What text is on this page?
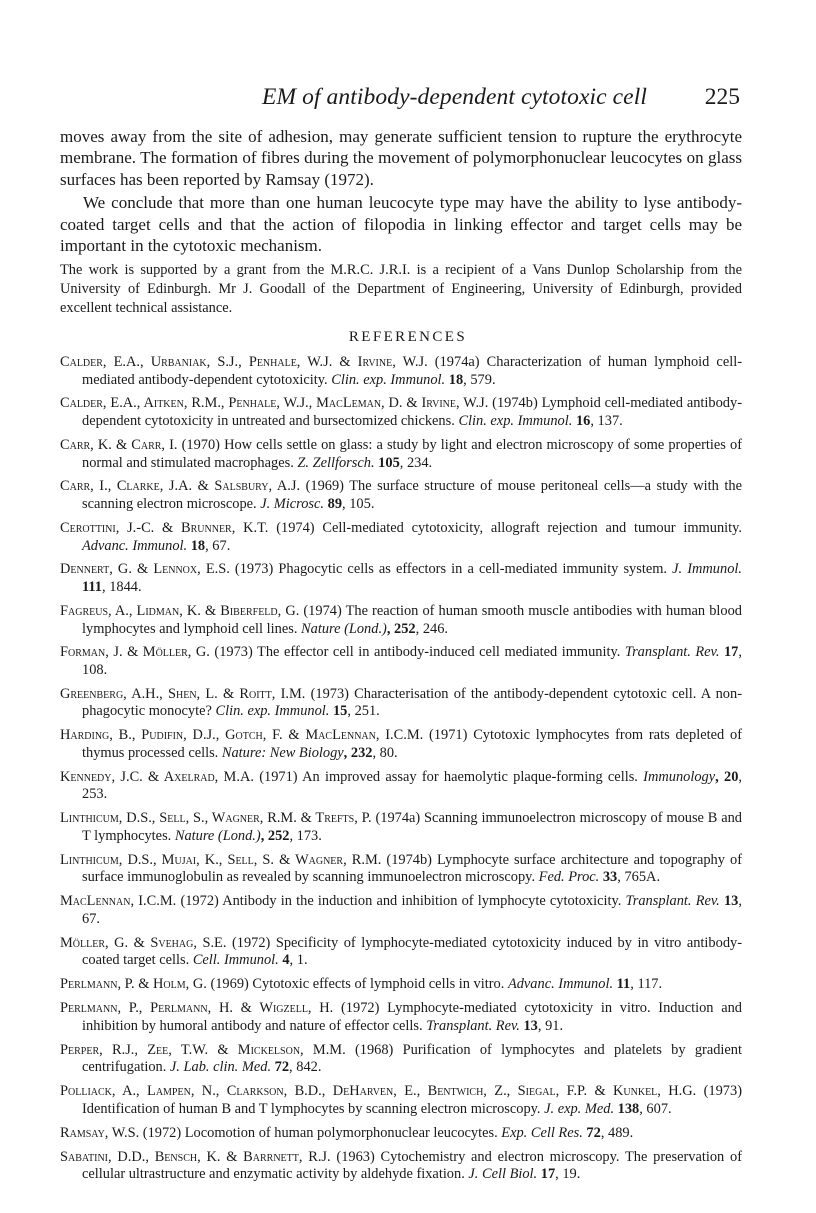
EM of antibody-dependent cytotoxic cell 225

moves away from the site of adhesion, may generate sufficient tension to rupture the erythrocyte membrane. The formation of fibres during the movement of polymorphonuclear leucocytes on glass surfaces has been reported by Ramsay (1972).

We conclude that more than one human leucocyte type may have the ability to lyse antibody-coated target cells and that the action of filopodia in linking effector and target cells may be important in the cytotoxic mechanism.

The work is supported by a grant from the M.R.C. J.R.I. is a recipient of a Vans Dunlop Scholarship from the University of Edinburgh. Mr J. Goodall of the Department of Engineering, University of Edinburgh, provided excellent technical assistance.

REFERENCES
Calder, E.A., Urbaniak, S.J., Penhale, W.J. & Irvine, W.J. (1974a) Characterization of human lymphoid cell-mediated antibody-dependent cytotoxicity. Clin. exp. Immunol. 18, 579.
Calder, E.A., Aitken, R.M., Penhale, W.J., MacLeman, D. & Irvine, W.J. (1974b) Lymphoid cell-mediated antibody-dependent cytotoxicity in untreated and bursectomized chickens. Clin. exp. Immunol. 16, 137.
Carr, K. & Carr, I. (1970) How cells settle on glass: a study by light and electron microscopy of some properties of normal and stimulated macrophages. Z. Zellforsch. 105, 234.
Carr, I., Clarke, J.A. & Salsbury, A.J. (1969) The surface structure of mouse peritoneal cells—a study with the scanning electron microscope. J. Microsc. 89, 105.
Cerottini, J.-C. & Brunner, K.T. (1974) Cell-mediated cytotoxicity, allograft rejection and tumour immunity. Advanc. Immunol. 18, 67.
Dennert, G. & Lennox, E.S. (1973) Phagocytic cells as effectors in a cell-mediated immunity system. J. Immunol. 111, 1844.
Fagreus, A., Lidman, K. & Biberfeld, G. (1974) The reaction of human smooth muscle antibodies with human blood lymphocytes and lymphoid cell lines. Nature (Lond.), 252, 246.
Forman, J. & Möller, G. (1973) The effector cell in antibody-induced cell mediated immunity. Transplant. Rev. 17, 108.
Greenberg, A.H., Shen, L. & Roitt, I.M. (1973) Characterisation of the antibody-dependent cytotoxic cell. A non-phagocytic monocyte? Clin. exp. Immunol. 15, 251.
Harding, B., Pudifin, D.J., Gotch, F. & MacLennan, I.C.M. (1971) Cytotoxic lymphocytes from rats depleted of thymus processed cells. Nature: New Biology, 232, 80.
Kennedy, J.C. & Axelrad, M.A. (1971) An improved assay for haemolytic plaque-forming cells. Immunology, 20, 253.
Linthicum, D.S., Sell, S., Wagner, R.M. & Trefts, P. (1974a) Scanning immunoelectron microscopy of mouse B and T lymphocytes. Nature (Lond.), 252, 173.
Linthicum, D.S., Mujai, K., Sell, S. & Wagner, R.M. (1974b) Lymphocyte surface architecture and topography of surface immunoglobulin as revealed by scanning immunoelectron microscopy. Fed. Proc. 33, 765A.
MacLennan, I.C.M. (1972) Antibody in the induction and inhibition of lymphocyte cytotoxicity. Transplant. Rev. 13, 67.
Möller, G. & Svehag, S.E. (1972) Specificity of lymphocyte-mediated cytotoxicity induced by in vitro antibody-coated target cells. Cell. Immunol. 4, 1.
Perlmann, P. & Holm, G. (1969) Cytotoxic effects of lymphoid cells in vitro. Advanc. Immunol. 11, 117.
Perlmann, P., Perlmann, H. & Wigzell, H. (1972) Lymphocyte-mediated cytotoxicity in vitro. Induction and inhibition by humoral antibody and nature of effector cells. Transplant. Rev. 13, 91.
Perper, R.J., Zee, T.W. & Mickelson, M.M. (1968) Purification of lymphocytes and platelets by gradient centrifugation. J. Lab. clin. Med. 72, 842.
Polliack, A., Lampen, N., Clarkson, B.D., DeHarven, E., Bentwich, Z., Siegal, F.P. & Kunkel, H.G. (1973) Identification of human B and T lymphocytes by scanning electron microscopy. J. exp. Med. 138, 607.
Ramsay, W.S. (1972) Locomotion of human polymorphonuclear leucocytes. Exp. Cell Res. 72, 489.
Sabatini, D.D., Bensch, K. & Barrnett, R.J. (1963) Cytochemistry and electron microscopy. The preservation of cellular ultrastructure and enzymatic activity by aldehyde fixation. J. Cell Biol. 17, 19.
